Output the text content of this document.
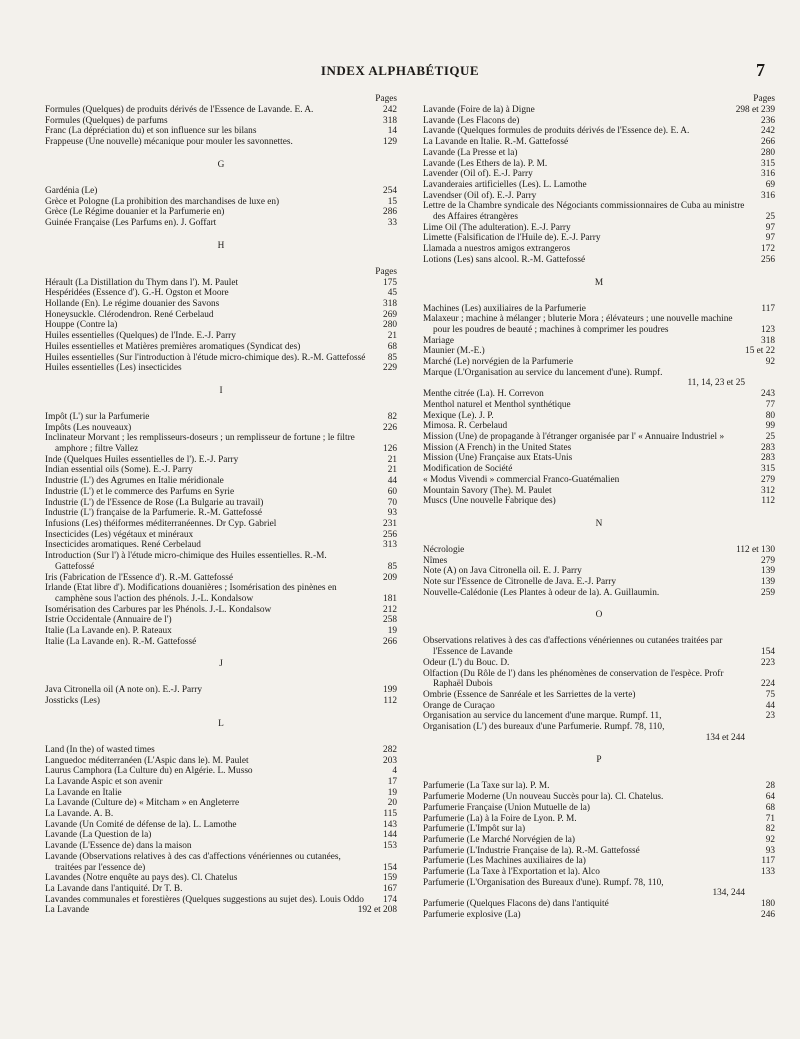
INDEX ALPHABÉTIQUE	7
Pages
Formules (Quelques) de produits dérivés de l'Essence de Lavande. E. A.	242
Formules (Quelques) de parfums	318
Franc (La dépréciation du) et son influence sur les bilans	14
Frappeuse (Une nouvelle) mécanique pour mouler les savonnettes.	129
G
Gardénia (Le)	254
Grèce et Pologne (La prohibition des marchandises de luxe en)	15
Grèce (Le Régime douanier et la Parfumerie en)	286
Guinée Française (Les Parfums en). J. Goffart	33
H
Pages
Hérault (La Distillation du Thym dans l'). M. Paulet	175
Hespéridées (Essence d'). G.-H. Ogston et Moore	45
Hollande (En). Le régime douanier des Savons	318
Honeysuckle. Clérodendron. René Cerbelaud	269
Houppe (Contre la)	280
Huiles essentielles (Quelques) de l'Inde. E.-J. Parry	21
Huiles essentielles et Matières premières aromatiques (Syndicat des)	68
Huiles essentielles (Sur l'introduction à l'étude micro-chimique des). R.-M. Gattefossé	85
Huiles essentielles (Les) insecticides	229
I
Impôt (L') sur la Parfumerie	82
Impôts (Les nouveaux)	226
Inclinateur Morvant ; les remplisseurs-doseurs ; un remplisseur de fortune ; le filtre amphore ; filtre Vallez	126
Inde (Quelques Huiles essentielles de l'). E.-J. Parry	21
Indian essential oils (Some). E.-J. Parry	21
Industrie (L') des Agrumes en Italie méridionale	44
Industrie (L') et le commerce des Parfums en Syrie	60
Industrie (L') de l'Essence de Rose (La Bulgarie au travail)	70
Industrie (L') française de la Parfumerie. R.-M. Gattefossé	93
Infusions (Les) théiformes méditerranéennes. Dr Cyp. Gabriel	231
Insecticides (Les) végétaux et minéraux	256
Insecticides aromatiques. René Cerbelaud	313
Introduction (Sur l') à l'étude micro-chimique des Huiles essentielles. R.-M. Gattefossé	85
Iris (Fabrication de l'Essence d'). R.-M. Gattefossé	209
Irlande (Etat libre d'). Modifications douanières ; Isomérisation des pinènes en camphène sous l'action des phénols. J.-L. Kondalsow	181
Isomérisation des Carbures par les Phénols. J.-L. Kondalsow	212
Istrie Occidentale (Annuaire de l')	258
Italie (La Lavande en). P. Rateaux	19
Italie (La Lavande en). R.-M. Gattefossé	266
J
Java Citronella oil (A note on). E.-J. Parry	199
Jossticks (Les)	112
L
Land (In the) of wasted times	282
Languedoc méditerranéen (L'Aspic dans le). M. Paulet	203
Laurus Camphora (La Culture du) en Algérie. L. Musso	4
La Lavande Aspic et son avenir	17
La Lavande en Italie	19
La Lavande (Culture de) « Mitcham » en Angleterre	20
La Lavande. A. B.	115
Lavande (Un Comité de défense de la). L. Lamothe	143
Lavande (La Question de la)	144
Lavande (L'Essence de) dans la maison	153
Lavande (Observations relatives à des cas d'affections vénériennes ou cutanées, traitées par l'essence de)	154
Lavandes (Notre enquête au pays des). Cl. Chatelus	159
La Lavande dans l'antiquité. Dr T. B.	167
Lavandes communales et forestières (Quelques suggestions au sujet des). Louis Oddo	174
La Lavande	192 et 208
Pages
Lavande (Foire de la) à Digne	298 et 239
Lavande (Les Flacons de)	236
Lavande (Quelques formules de produits dérivés de l'Essence de). E. A.	242
La Lavande en Italie. R.-M. Gattefossé	266
Lavande (La Presse et la)	280
Lavande (Les Ethers de la). P. M.	315
Lavender (Oil of). E.-J. Parry	316
Lavanderaies artificielles (Les). L. Lamothe	69
Lavendser (Oil of). E.-J. Parry	316
Lettre de la Chambre syndicale des Négociants commissionnaires de Cuba au ministre des Affaires étrangères	25
Lime Oil (The adulteration). E.-J. Parry	97
Limette (Falsification de l'Huile de). E.-J. Parry	97
Llamada a nuestros amigos extrangeros	172
Lotions (Les) sans alcool. R.-M. Gattefossé	256
M
Machines (Les) auxiliaires de la Parfumerie	117
Malaxeur ; machine à mélanger ; bluterie Mora ; élévateurs ; une nouvelle machine pour les poudres de beauté ; machines à comprimer les poudres	123
Mariage	318
Maunier (M.-E.)	15 et 22
Marché (Le) norvégien de la Parfumerie	92
Marque (L'Organisation au service du lancement d'une). Rumpf.
11, 14, 23 et 25
Menthe citrée (La). H. Correvon	243
Menthol naturel et Menthol synthétique	77
Mexique (Le). J. P.	80
Mimosa. R. Cerbelaud	99
Mission (Une) de propagande à l'étranger organisée par l' « Annuaire Industriel »	25
Mission (A French) in the United States	283
Mission (Une) Française aux Etats-Unis	283
Modification de Société	315
« Modus Vivendi » commercial Franco-Guatémalien	279
Mountain Savory (The). M. Paulet	312
Muscs (Une nouvelle Fabrique des)	112
N
Nécrologie	112 et 130
Nîmes	279
Note (A) on Java Citronella oil. E. J. Parry	139
Note sur l'Essence de Citronelle de Java. E.-J. Parry	139
Nouvelle-Calédonie (Les Plantes à odeur de la). A. Guillaumin.	259
O
Observations relatives à des cas d'affections vénériennes ou cutanées traitées par l'Essence de Lavande	154
Odeur (L') du Bouc. D.	223
Olfaction (Du Rôle de l') dans les phénomènes de conservation de l'espèce. Profr Raphaël Dubois	224
Ombrie (Essence de Sanréale et les Sarriettes de la verte)	75
Orange de Curaçao	44
Organisation au service du lancement d'une marque. Rumpf. 11,	23
Organisation (L') des bureaux d'une Parfumerie. Rumpf. 78, 110,
134 et 244
P
Parfumerie (La Taxe sur la). P. M.	28
Parfumerie Moderne (Un nouveau Succès pour la). Cl. Chatelus.	64
Parfumerie Française (Union Mutuelle de la)	68
Parfumerie (La) à la Foire de Lyon. P. M.	71
Parfumerie (L'Impôt sur la)	82
Parfumerie (Le Marché Norvégien de la)	92
Parfumerie (L'Industrie Française de la). R.-M. Gattefossé	93
Parfumerie (Les Machines auxiliaires de la)	117
Parfumerie (La Taxe à l'Exportation et la). Alco	133
Parfumerie (L'Organisation des Bureaux d'une). Rumpf. 78, 110,
134, 244
Parfumerie (Quelques Flacons de) dans l'antiquité	180
Parfumerie explosive (La)	246
